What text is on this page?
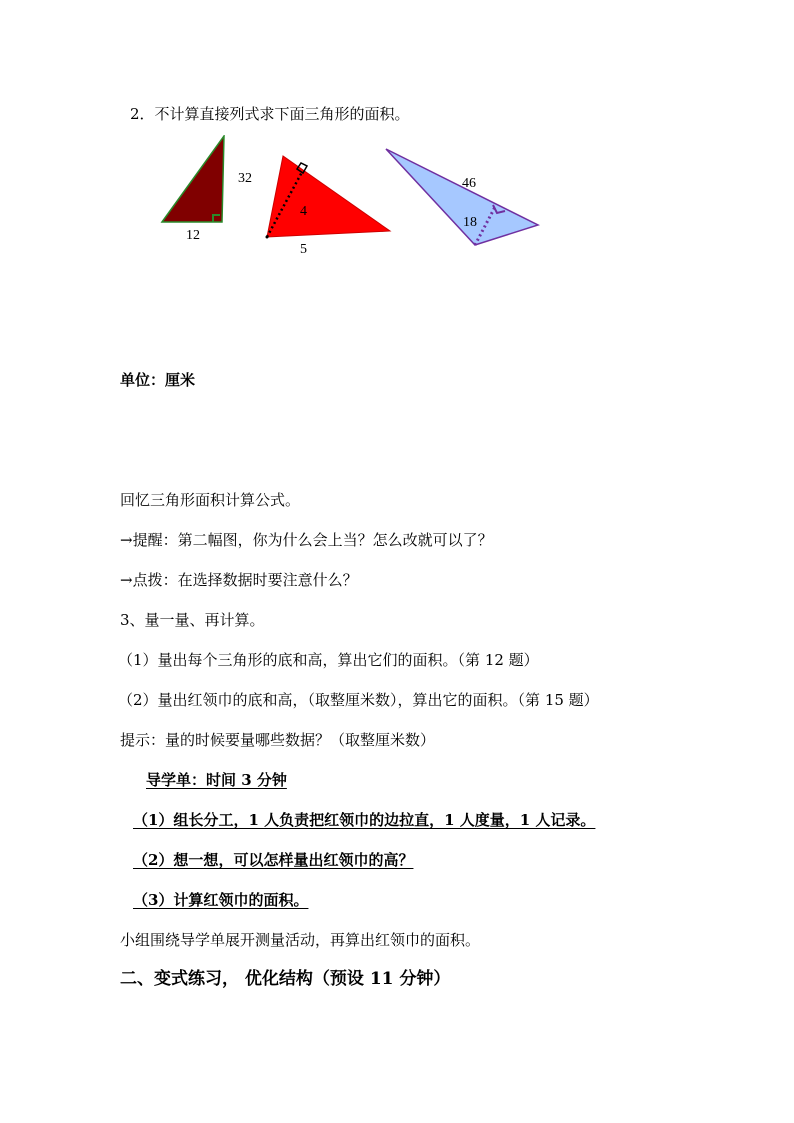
2．不计算直接列式求下面三角形的面积。
32
12
4
5
46
18
单位：厘米
回忆三角形面积计算公式。
→提醒：第二幅图，你为什么会上当？怎么改就可以了？
→点拨：在选择数据时要注意什么？
3、量一量、再计算。
（1）量出每个三角形的底和高，算出它们的面积。（第 12 题）
（2）量出红领巾的底和高，（取整厘米数），算出它的面积。（第 15 题）
提示：量的时候要量哪些数据？（取整厘米数）
导学单：时间 3 分钟
（1）组长分工，1 人负责把红领巾的边拉直，1 人度量，1 人记录。
（2）想一想，可以怎样量出红领巾的高？
（3）计算红领巾的面积。
小组围绕导学单展开测量活动，再算出红领巾的面积。
二、变式练习， 优化结构（预设 11 分钟）
